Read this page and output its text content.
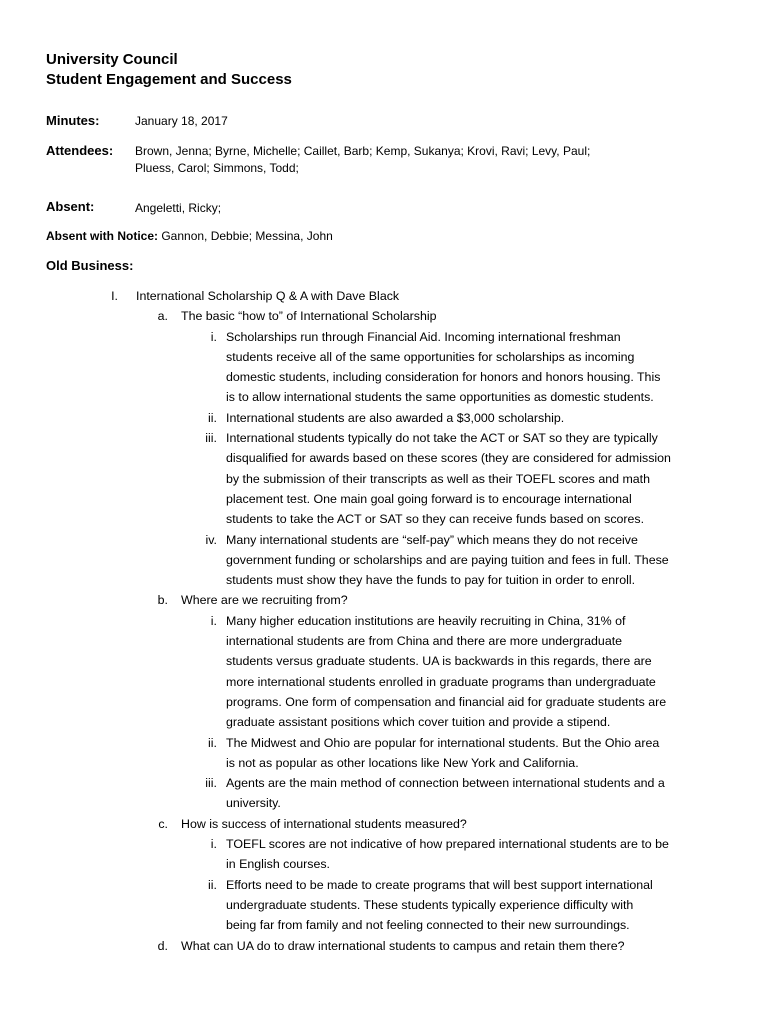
University Council
Student Engagement and Success
Minutes:	January 18, 2017
Attendees: Brown, Jenna; Byrne, Michelle; Caillet, Barb; Kemp, Sukanya; Krovi, Ravi; Levy, Paul;
Pluess, Carol; Simmons, Todd;
Absent:	Angeletti, Ricky;
Absent with Notice: Gannon, Debbie; Messina, John
Old Business:
I. International Scholarship Q & A with Dave Black
a. The basic “how to” of International Scholarship
i. Scholarships run through Financial Aid. Incoming international freshman
students receive all of the same opportunities for scholarships as incoming
domestic students, including consideration for honors and honors housing. This
is to allow international students the same opportunities as domestic students.
ii. International students are also awarded a $3,000 scholarship.
iii. International students typically do not take the ACT or SAT so they are typically
disqualified for awards based on these scores (they are considered for admission
by the submission of their transcripts as well as their TOEFL scores and math
placement test. One main goal going forward is to encourage international
students to take the ACT or SAT so they can receive funds based on scores.
iv. Many international students are “self-pay” which means they do not receive
government funding or scholarships and are paying tuition and fees in full. These
students must show they have the funds to pay for tuition in order to enroll.
b. Where are we recruiting from?
i. Many higher education institutions are heavily recruiting in China, 31% of
international students are from China and there are more undergraduate
students versus graduate students. UA is backwards in this regards, there are
more international students enrolled in graduate programs than undergraduate
programs. One form of compensation and financial aid for graduate students are
graduate assistant positions which cover tuition and provide a stipend.
ii. The Midwest and Ohio are popular for international students. But the Ohio area
is not as popular as other locations like New York and California.
iii. Agents are the main method of connection between international students and a
university.
c. How is success of international students measured?
i. TOEFL scores are not indicative of how prepared international students are to be
in English courses.
ii. Efforts need to be made to create programs that will best support international
undergraduate students. These students typically experience difficulty with
being far from family and not feeling connected to their new surroundings.
d. What can UA do to draw international students to campus and retain them there?
